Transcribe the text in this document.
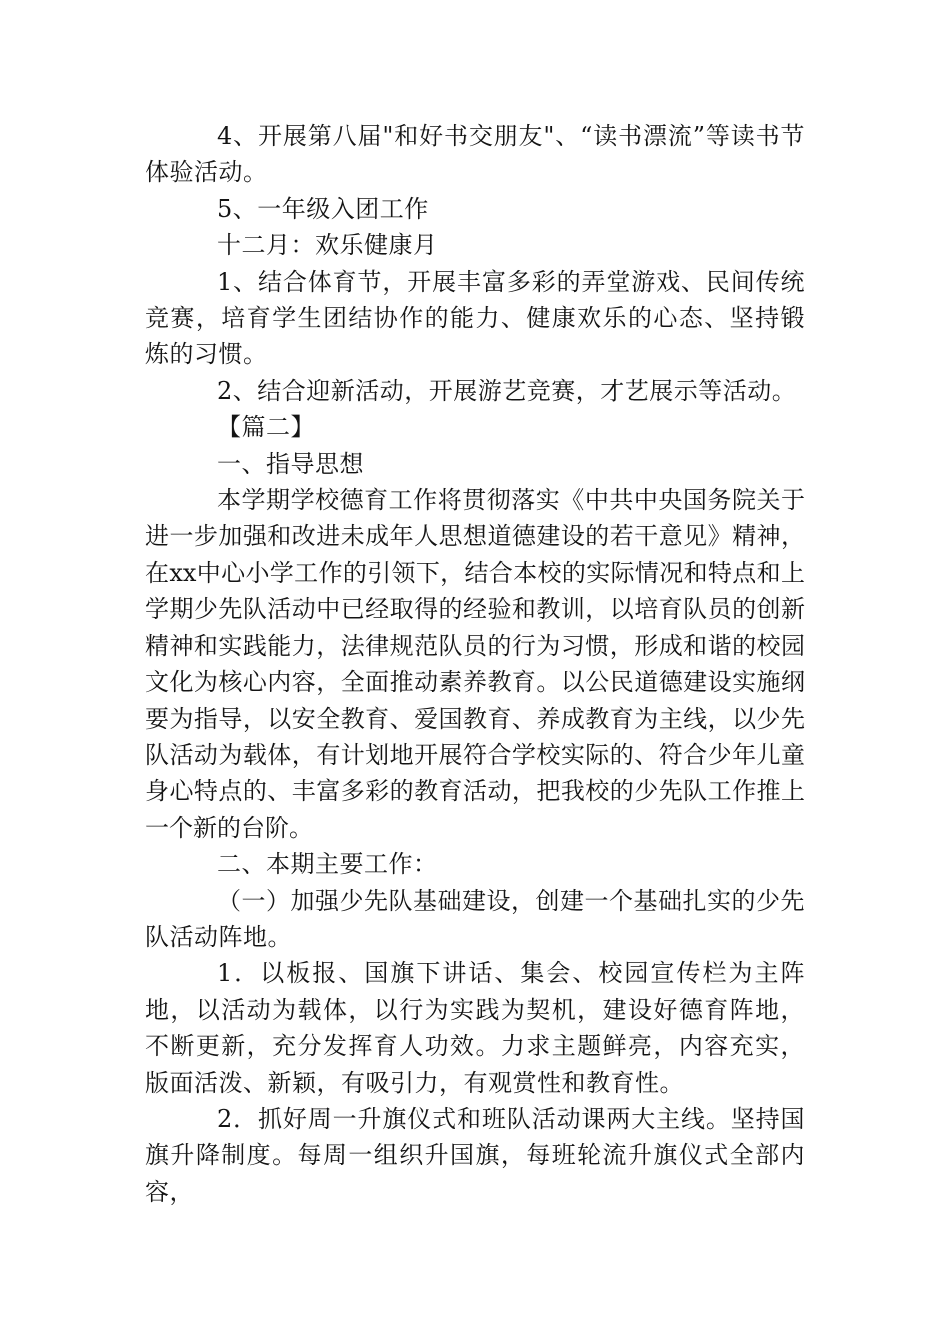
4、开展第八届"和好书交朋友"、“读书漂流”等读书节体验活动。

5、一年级入团工作

十二月：欢乐健康月

1、结合体育节，开展丰富多彩的弄堂游戏、民间传统竞赛，培育学生团结协作的能力、健康欢乐的心态、坚持锻炼的习惯。

2、结合迎新活动，开展游艺竞赛，才艺展示等活动。

【篇二】

一、指导思想

本学期学校德育工作将贯彻落实《中共中央国务院关于进一步加强和改进未成年人思想道德建设的若干意见》精神，在xx中心小学工作的引领下，结合本校的实际情况和特点和上学期少先队活动中已经取得的经验和教训，以培育队员的创新精神和实践能力，法律规范队员的行为习惯，形成和谐的校园文化为核心内容，全面推动素养教育。以公民道德建设实施纲要为指导，以安全教育、爱国教育、养成教育为主线，以少先队活动为载体，有计划地开展符合学校实际的、符合少年儿童身心特点的、丰富多彩的教育活动，把我校的少先队工作推上一个新的台阶。

二、本期主要工作：

（一）加强少先队基础建设，创建一个基础扎实的少先队活动阵地。

1．以板报、国旗下讲话、集会、校园宣传栏为主阵地，以活动为载体，以行为实践为契机，建设好德育阵地，不断更新，充分发挥育人功效。力求主题鲜亮，内容充实，版面活泼、新颖，有吸引力，有观赏性和教育性。

2．抓好周一升旗仪式和班队活动课两大主线。坚持国旗升降制度。每周一组织升国旗，每班轮流升旗仪式全部内容，
